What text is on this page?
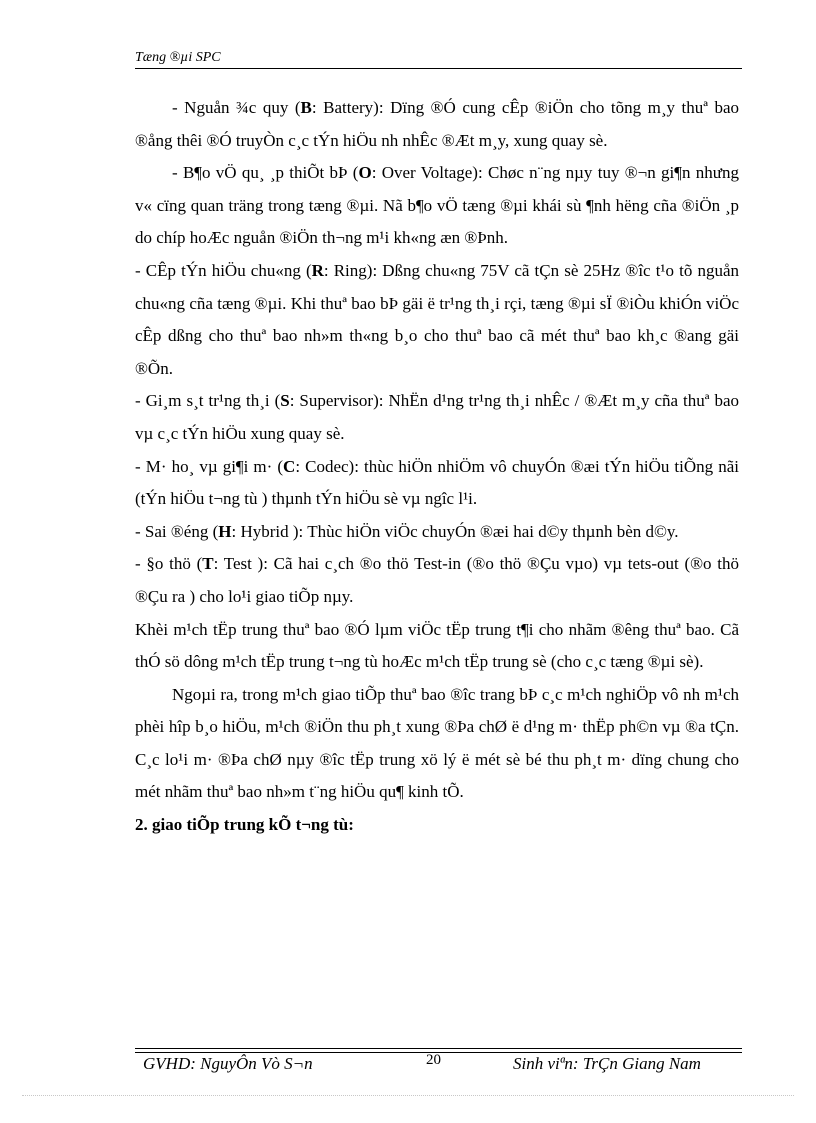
Tæng ®µi SPC

- Nguån ¾c quy (B: Battery): Dïng ®Ó cung cÊp ®iÖn cho tõng m¸y thuª bao ®ång thêi ®Ó truyÒn c¸c tÝn hiÖu nh nhÊc ®Æt m¸y, xung quay sè.

- B¶o vÖ qu¸ ¸p thiÕt bÞ (O: Over Voltage): Chøc n¨ng nµy tuy ®¬n gi¶n nhưng v« cïng quan träng trong tæng ®µi. Nã b¶o vÖ tæng ®µi khái sù ¶nh hëng cña ®iÖn ¸p do chíp hoÆc nguån ®iÖn th¬ng m¹i kh«ng æn ®Þnh.

- CÊp tÝn hiÖu chu«ng (R: Ring): Dßng chu«ng 75V cã tÇn sè 25Hz ®îc t¹o tõ nguån chu«ng cña tæng ®µi. Khi thuª bao bÞ gäi ë tr¹ng th¸i rçi, tæng ®µi sÏ ®iÒu khiÓn viÖc cÊp dßng cho thuª bao nh»m th«ng b¸o cho thuª bao cã mét thuª bao kh¸c ®ang gäi ®Õn.

- Gi¸m s¸t tr¹ng th¸i (S: Supervisor): NhËn d¹ng tr¹ng th¸i nhÊc / ®Æt m¸y cña thuª bao vµ c¸c tÝn hiÖu xung quay sè.

- M· ho¸ vµ gi¶i m· (C: Codec): thùc hiÖn nhiÖm vô chuyÓn ®æi tÝn hiÖu tiÕng nãi (tÝn hiÖu t¬ng tù ) thµnh tÝn hiÖu sè vµ ngîc l¹i.

- Sai ®éng (H: Hybrid ): Thùc hiÖn viÖc chuyÓn ®æi hai d©y thµnh bèn d©y.

- §o thö (T: Test ): Cã hai c¸ch ®o thö Test-in (®o thö ®Çu vµo) vµ tets-out (®o thö ®Çu ra ) cho lo¹i giao tiÕp nµy.

Khèi m¹ch tËp trung thuª bao ®Ó lµm viÖc tËp trung t¶i cho nhãm ®êng thuª bao. Cã thÓ sö dông m¹ch tËp trung t¬ng tù hoÆc m¹ch tËp trung sè (cho c¸c tæng ®µi sè).

Ngoµi ra, trong m¹ch giao tiÕp thuª bao ®îc trang bÞ c¸c m¹ch nghiÖp vô nh m¹ch phèi hîp b¸o hiÖu, m¹ch ®iÖn thu ph¸t xung ®Þa chØ ë d¹ng m· thËp ph©n vµ ®a tÇn. C¸c lo¹i m· ®Þa chØ nµy ®îc tËp trung xö lý ë mét sè bé thu ph¸t m· dïng chung cho mét nhãm thuª bao nh»m t¨ng hiÖu qu¶ kinh tÕ.

2. giao tiÕp trung kÕ t¬ng tù:

GVHD: NguyÔn Vò S¬n	20	Sinh viªn: TrÇn Giang Nam
